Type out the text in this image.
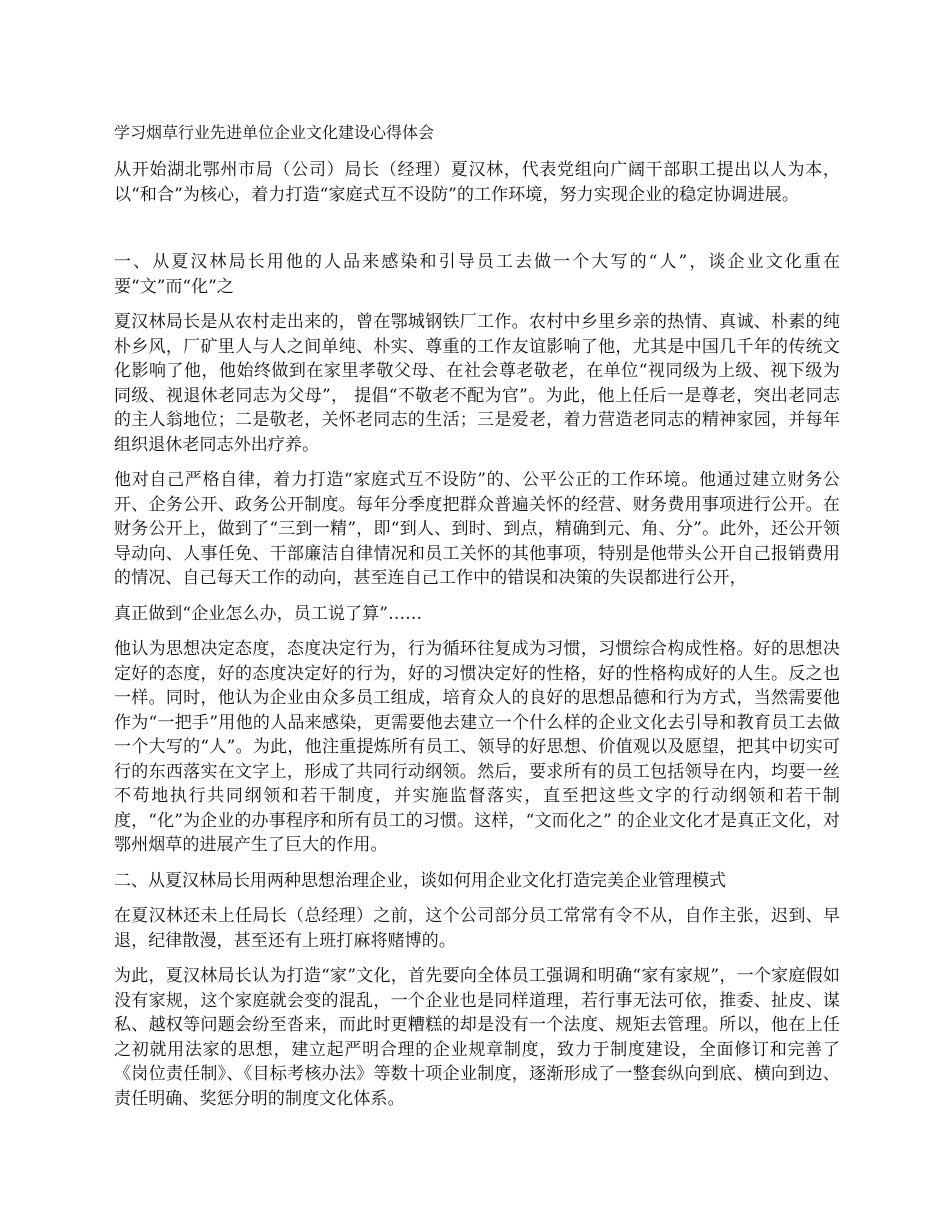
学习烟草行业先进单位企业文化建设心得体会

从开始湖北鄂州市局（公司）局长（经理）夏汉林，代表党组向广阔干部职工提出以人为本，以“和合”为核心，着力打造“家庭式互不设防”的工作环境，努力实现企业的稳定协调进展。

一、从夏汉林局长用他的人品来感染和引导员工去做一个大写的“人”，谈企业文化重在要“文”而“化”之

夏汉林局长是从农村走出来的，曾在鄂城钢铁厂工作。农村中乡里乡亲的热情、真诚、朴素的纯朴乡风，厂矿里人与人之间单纯、朴实、尊重的工作友谊影响了他，尤其是中国几千年的传统文化影响了他，他始终做到在家里孝敬父母、在社会尊老敬老，在单位“视同级为上级、视下级为同级、视退休老同志为父母”， 提倡“不敬老不配为官”。为此，他上任后一是尊老，突出老同志的主人翁地位；二是敬老，关怀老同志的生活；三是爱老，着力营造老同志的精神家园，并每年组织退休老同志外出疗养。

他对自己严格自律，着力打造“家庭式互不设防”的、公平公正的工作环境。他通过建立财务公开、企务公开、政务公开制度。每年分季度把群众普遍关怀的经营、财务费用事项进行公开。在财务公开上，做到了“三到一精”，即“到人、到时、到点，精确到元、角、分”。此外，还公开领导动向、人事任免、干部廉洁自律情况和员工关怀的其他事项，特别是他带头公开自己报销费用的情况、自己每天工作的动向，甚至连自己工作中的错误和决策的失误都进行公开，

真正做到“企业怎么办，员工说了算”……

他认为思想决定态度，态度决定行为，行为循环往复成为习惯，习惯综合构成性格。好的思想决定好的态度，好的态度决定好的行为，好的习惯决定好的性格，好的性格构成好的人生。反之也一样。同时，他认为企业由众多员工组成，培育众人的良好的思想品德和行为方式，当然需要他作为“一把手”用他的人品来感染，更需要他去建立一个什么样的企业文化去引导和教育员工去做一个大写的“人”。为此，他注重提炼所有员工、领导的好思想、价值观以及愿望，把其中切实可行的东西落实在文字上，形成了共同行动纲领。然后，要求所有的员工包括领导在内，均要一丝不苟地执行共同纲领和若干制度，并实施监督落实，直至把这些文字的行动纲领和若干制度，“化”为企业的办事程序和所有员工的习惯。这样，“文而化之” 的企业文化才是真正文化，对鄂州烟草的进展产生了巨大的作用。

二、从夏汉林局长用两种思想治理企业，谈如何用企业文化打造完美企业管理模式

在夏汉林还未上任局长（总经理）之前，这个公司部分员工常常有令不从，自作主张，迟到、早退，纪律散漫，甚至还有上班打麻将赌博的。

为此，夏汉林局长认为打造“家”文化，首先要向全体员工强调和明确“家有家规”，一个家庭假如没有家规，这个家庭就会变的混乱，一个企业也是同样道理，若行事无法可依，推委、扯皮、谋私、越权等问题会纷至沓来，而此时更糟糕的却是没有一个法度、规矩去管理。所以，他在上任之初就用法家的思想，建立起严明合理的企业规章制度，致力于制度建设，全面修订和完善了《岗位责任制》、《目标考核办法》等数十项企业制度，逐渐形成了一整套纵向到底、横向到边、责任明确、奖惩分明的制度文化体系。
